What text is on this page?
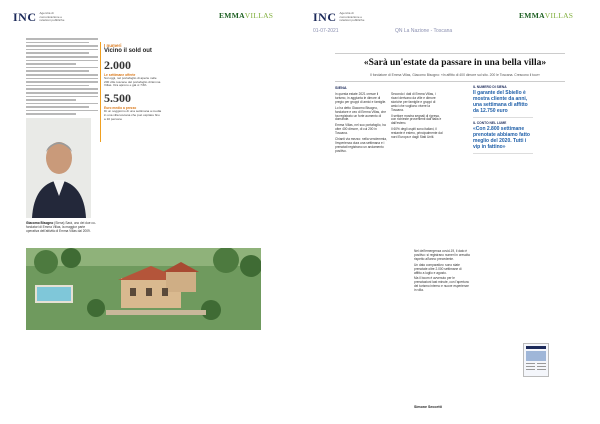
INC Agenzia di comunicazione e relazioni pubbliche
EMMAVILLAS
Giacomo Bisogno (Siena) Sarà, uno dei due co-fondatori di Emma Villas, la maggior parte operativa dell'attività di Emma Villas dal 2009.
I numeri
Vicino il sold out
2.000
Le settimane offerte
Sul oggi, nel portafoglio di aperte nelle 200 ville toscane del portafoglio di Emma Villas. Ora aprono e già vi 74%
5.500
Euro medio a prezzo
Di un soggiorno di una settimana a media in una villa toscana che può ospitare fino a 10 persone
INC Agenzia di comunicazione e relazioni pubbliche
EMMAVILLAS
01-07-2021	QN La Nazione - Toscana
«Sarà un'estate da passare in una bella villa»
Il fondatore di Emma Villas, Giacomo Bisogno: «In affitto di 400 dimore sul sito. 200 le Toscana. Crescono il tour»
SIENA

In questa estate 2021 cresce il turismo, in aggiunta le dimore di pregio per gruppi di amici e famiglie.

Lo ha detto Giacomo Bisogno, fondatore e ceo di Emma Villas, che ha registrato un forte aumento di domande.

Emma Villas, nel suo portafoglio, ha oltre 400 dimore, di cui 200 in Toscana.

Chianti via mezzo: nella vendemmia, l'esperienza dura una settimana e i prenotati registrano un andamento positivo.

Secondo i dati di Emma Villas, i ricavi derivano da ville e dimore storiche per famiglie e gruppi di amici che vogliono vivere la Toscana.

Il settore mostra segnali di ripresa, con richieste provenienti dall'Italia e dall'estero.

Il 60% degli ospiti sono italiani, il restante è estero, principalmente dal nord Europa e dagli Stati Uniti.

Nel dell'emergenza covid-19, il dato è positivo: si registrano numeri in crescita rispetto all'anno precedente.

Un dato comparativo: sono state prenotate oltre 2.000 settimane di affitto a luglio e agosto.

Ma il boom è avvenuto per le prenotazioni last minute, con l'apertura del turismo interno e nuove esperienze in villa.

IL NUMERO DI SIENA
Il garante del Sbiello è mostra cliente da anni, una settimana di affitto da 12.750 euro
IL CONTO NEL LUME
«Con 2.800 settimane prenotate abbiamo fatto meglio del 2020. Tutti i vip in fattino»
Simone Seccetti
